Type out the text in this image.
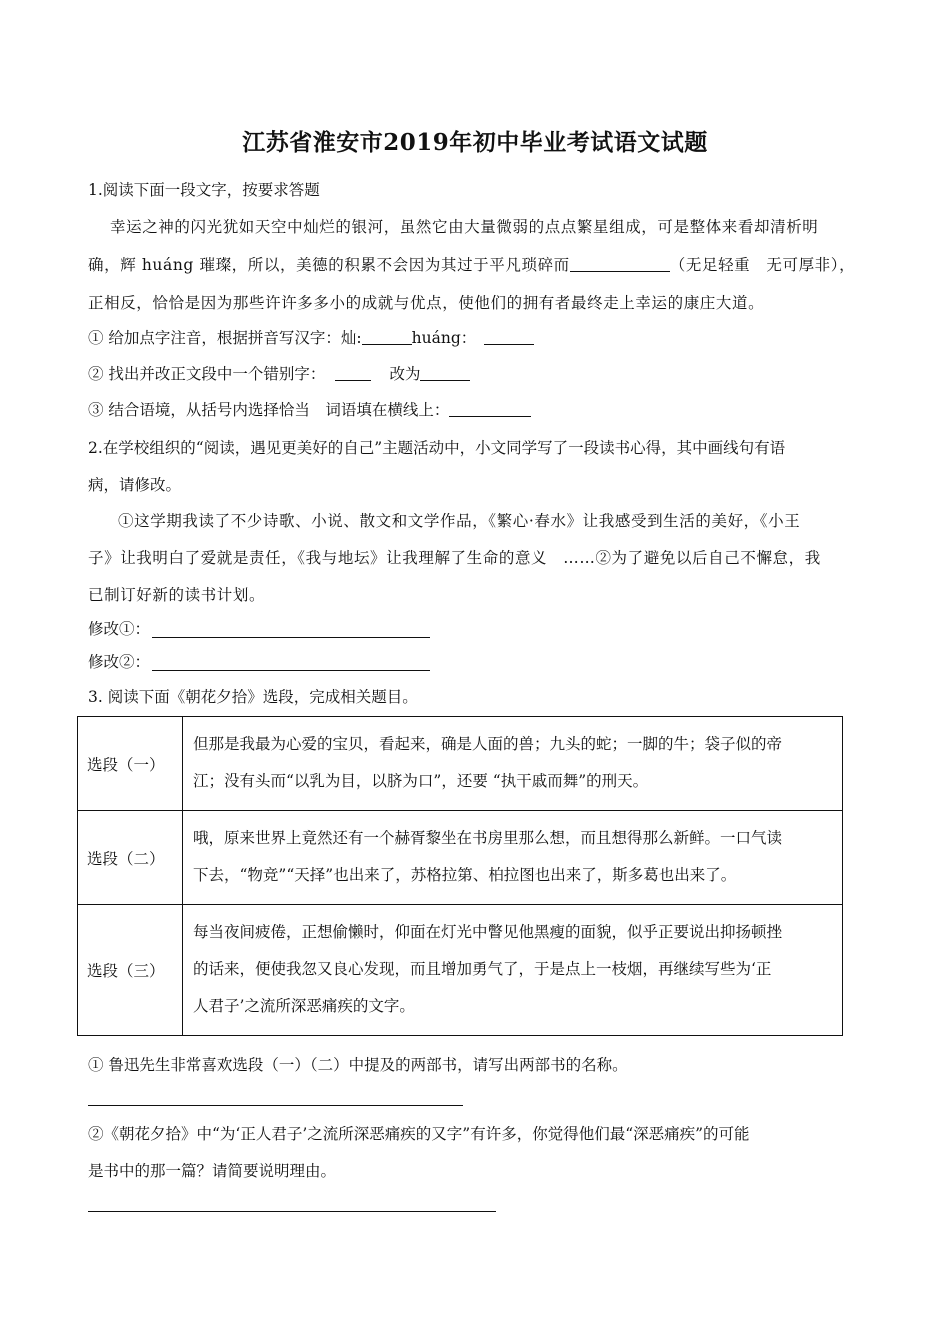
江苏省淮安市2019年初中毕业考试语文试题
1.阅读下面一段文字，按要求答题
幸运之神的闪光犹如天空中灿烂的银河，虽然它由大量微弱的点点繁星组成，可是整体来看却清析明
确，辉 huáng 璀璨，所以，美德的积累不会因为其过于平凡琐碎而	（无足轻重　无可厚非），
正相反，恰恰是因为那些许许多多小的成就与优点，使他们的拥有者最终走上幸运的康庄大道。
① 给加点字注音，根据拼音写汉字：灿:	huáng：
② 找出并改正文段中一个错别字：	改为
③ 结合语境，从括号内选择恰当　词语填在横线上：
2.在学校组织的“阅读，遇见更美好的自己”主题活动中，小文同学写了一段读书心得，其中画线句有语
病，请修改。
①这学期我读了不少诗歌、小说、散文和文学作品，《繁心·春水》让我感受到生活的美好，《小王
子》让我明白了爱就是责任，《我与地坛》让我理解了生命的意义　……②为了避免以后自己不懈怠，我
已制订好新的读书计划。
修改①：
修改②：
3. 阅读下面《朝花夕拾》选段，完成相关题目。
选段（一）	但那是我最为心爱的宝贝，看起来，确是人面的兽；九头的蛇；一脚的牛；袋子似的帝
江；没有头而“以乳为目，以脐为口”，还要 “执干戚而舞”的刑天。

选段（二）	哦，原来世界上竟然还有一个赫胥黎坐在书房里那么想，而且想得那么新鲜。一口气读
下去，“物竞”“天择”也出来了，苏格拉第、柏拉图也出来了，斯多葛也出来了。

选段（三）	每当夜间疲倦，正想偷懒时，仰面在灯光中瞥见他黑瘦的面貌，似乎正要说出抑扬顿挫
的话来，便使我忽又良心发现，而且增加勇气了，于是点上一枝烟，再继续写些为‘正
人君子’之流所深恶痛疾的文字。
① 鲁迅先生非常喜欢选段（一）（二）中提及的两部书，请写出两部书的名称。
②《朝花夕拾》中“为‘正人君子’之流所深恶痛疾的又字”有许多，你觉得他们最“深恶痛疾”的可能
是书中的那一篇？请简要说明理由。
